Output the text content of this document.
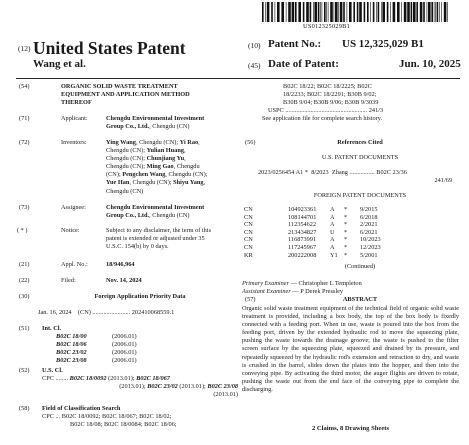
US012325029B1
(12) United States Patent
Wang et al.
(10) Patent No.: US 12,325,029 B1
(45) Date of Patent:	Jun. 10, 2025
(54)	ORGANIC SOLID WASTE TREATMENT
EQUIPMENT AND APPLICATION METHOD
THEREOF
(71)	Applicant:	Chengdu Environmental Investment
Group Co., Ltd., Chengdu (CN)
(72)	Inventors:	Ying Wang, Chengdu (CN); Yi Rao,
Chengdu (CN); Yulian Huang,
Chengdu (CN); Chunjiang Yu,
Chengdu (CN); Ming Gao, Chengdu
(CN); Pengchen Wang, Chengdu (CN);
Yue Han, Chengdu (CN); Shiyu Yang,
Chengdu (CN)
(73)	Assignee:	Chengdu Environmental Investment
Group Co., Ltd., Chengdu (CN)
( * )	Notice:	Subject to any disclaimer, the term of this
patent is extended or adjusted under 35
U.S.C. 154(b) by 0 days.
(21)	Appl. No.:	18/946,964
(22)	Filed:	Nov. 14, 2024
(30)	Foreign Application Priority Data
Jan. 16, 2024 (CN) ........................ 202410068559.1
(51) Int. Cl.
B02C 18/00	(2006.01)
B02C 18/06	(2006.01)
B02C 23/02	(2006.01)
B02C 23/08	(2006.01)
(52) U.S. Cl.
CPC ........ B02C 18/0092 (2013.01); B02C 18/067
(2013.01); B02C 23/02 (2013.01); B02C 23/08
(2013.01)
(58) Field of Classification Search
CPC ... B02C 18/0092; B02C 18/067; B02C 18/02;
B02C 18/08; B02C 18/0084; B02C 18/06;
B02C 18/22; B02C 18/2225; B02C
18/2233; B02C 18/2291; B30B 9/02;
B30B 9/04; B30B 9/06; B30B 9/3039
USPC .................................................... 241/3
See application file for complete search history.
(56)	References Cited
U.S. PATENT DOCUMENTS
2023/0256454 A1 * 8/2023 Zhang ................ B02C 23/36
241/69
FOREIGN PATENT DOCUMENTS
CN	104923361	A	*	9/2015
CN	108144701	A	*	6/2018
CN	112354622	A	*	2/2021
CN	213434827	U	*	6/2021
CN	116873991	A	*	10/2023
CN	117245967	A	*	12/2023
KR	200222008	Y1	*	5/2001
(Continued)
Primary Examiner — Christopher L Templeton
Assistant Examiner — P Derek Pressley
(57)	ABSTRACT
Organic solid waste treatment equipment of the technical field of organic solid waste treatment is provided, including a box body, the top of the box body is fixedly connected with a feeding port. When in use, waste is poured into the box from the feeding port, driven by the extended hydraulic rod to move the squeezing plate, pushing the waste towards the drainage groove; the waste is pushed to the filter screen surface by the squeezing plate, squeezed and drained by its pressure, and repeatedly squeezed by the hydraulic rod's extension and retraction to dry, and waste is crushed in the barrel, slides down the plates into the hopper, and then into the conveying pipe. By activating the third motor, the auger flights are driven to rotate, pushing the waste out from the end face of the conveying pipe to complete the discharging.
2 Claims, 8 Drawing Sheets
